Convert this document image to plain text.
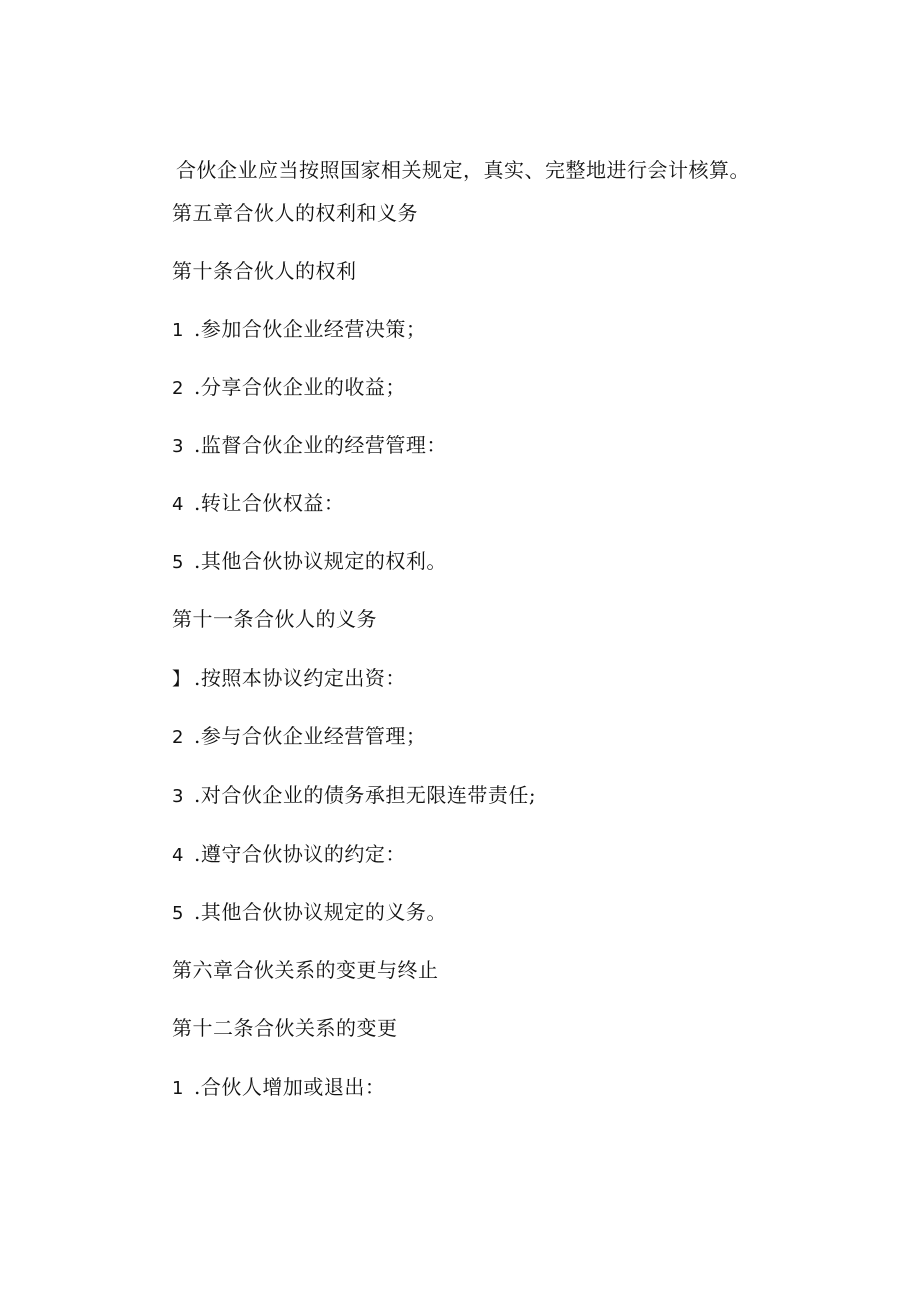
合伙企业应当按照国家相关规定，真实、完整地进行会计核算。
第五章合伙人的权利和义务
第十条合伙人的权利
1 .参加合伙企业经营决策；
2 .分享合伙企业的收益；
3 .监督合伙企业的经营管理：
4 .转让合伙权益：
5 .其他合伙协议规定的权利。
第十一条合伙人的义务
】 .按照本协议约定出资：
2 .参与合伙企业经营管理；
3 .对合伙企业的债务承担无限连带责任;
4 .遵守合伙协议的约定：
5 .其他合伙协议规定的义务。
第六章合伙关系的变更与终止
第十二条合伙关系的变更
1 .合伙人增加或退出：
